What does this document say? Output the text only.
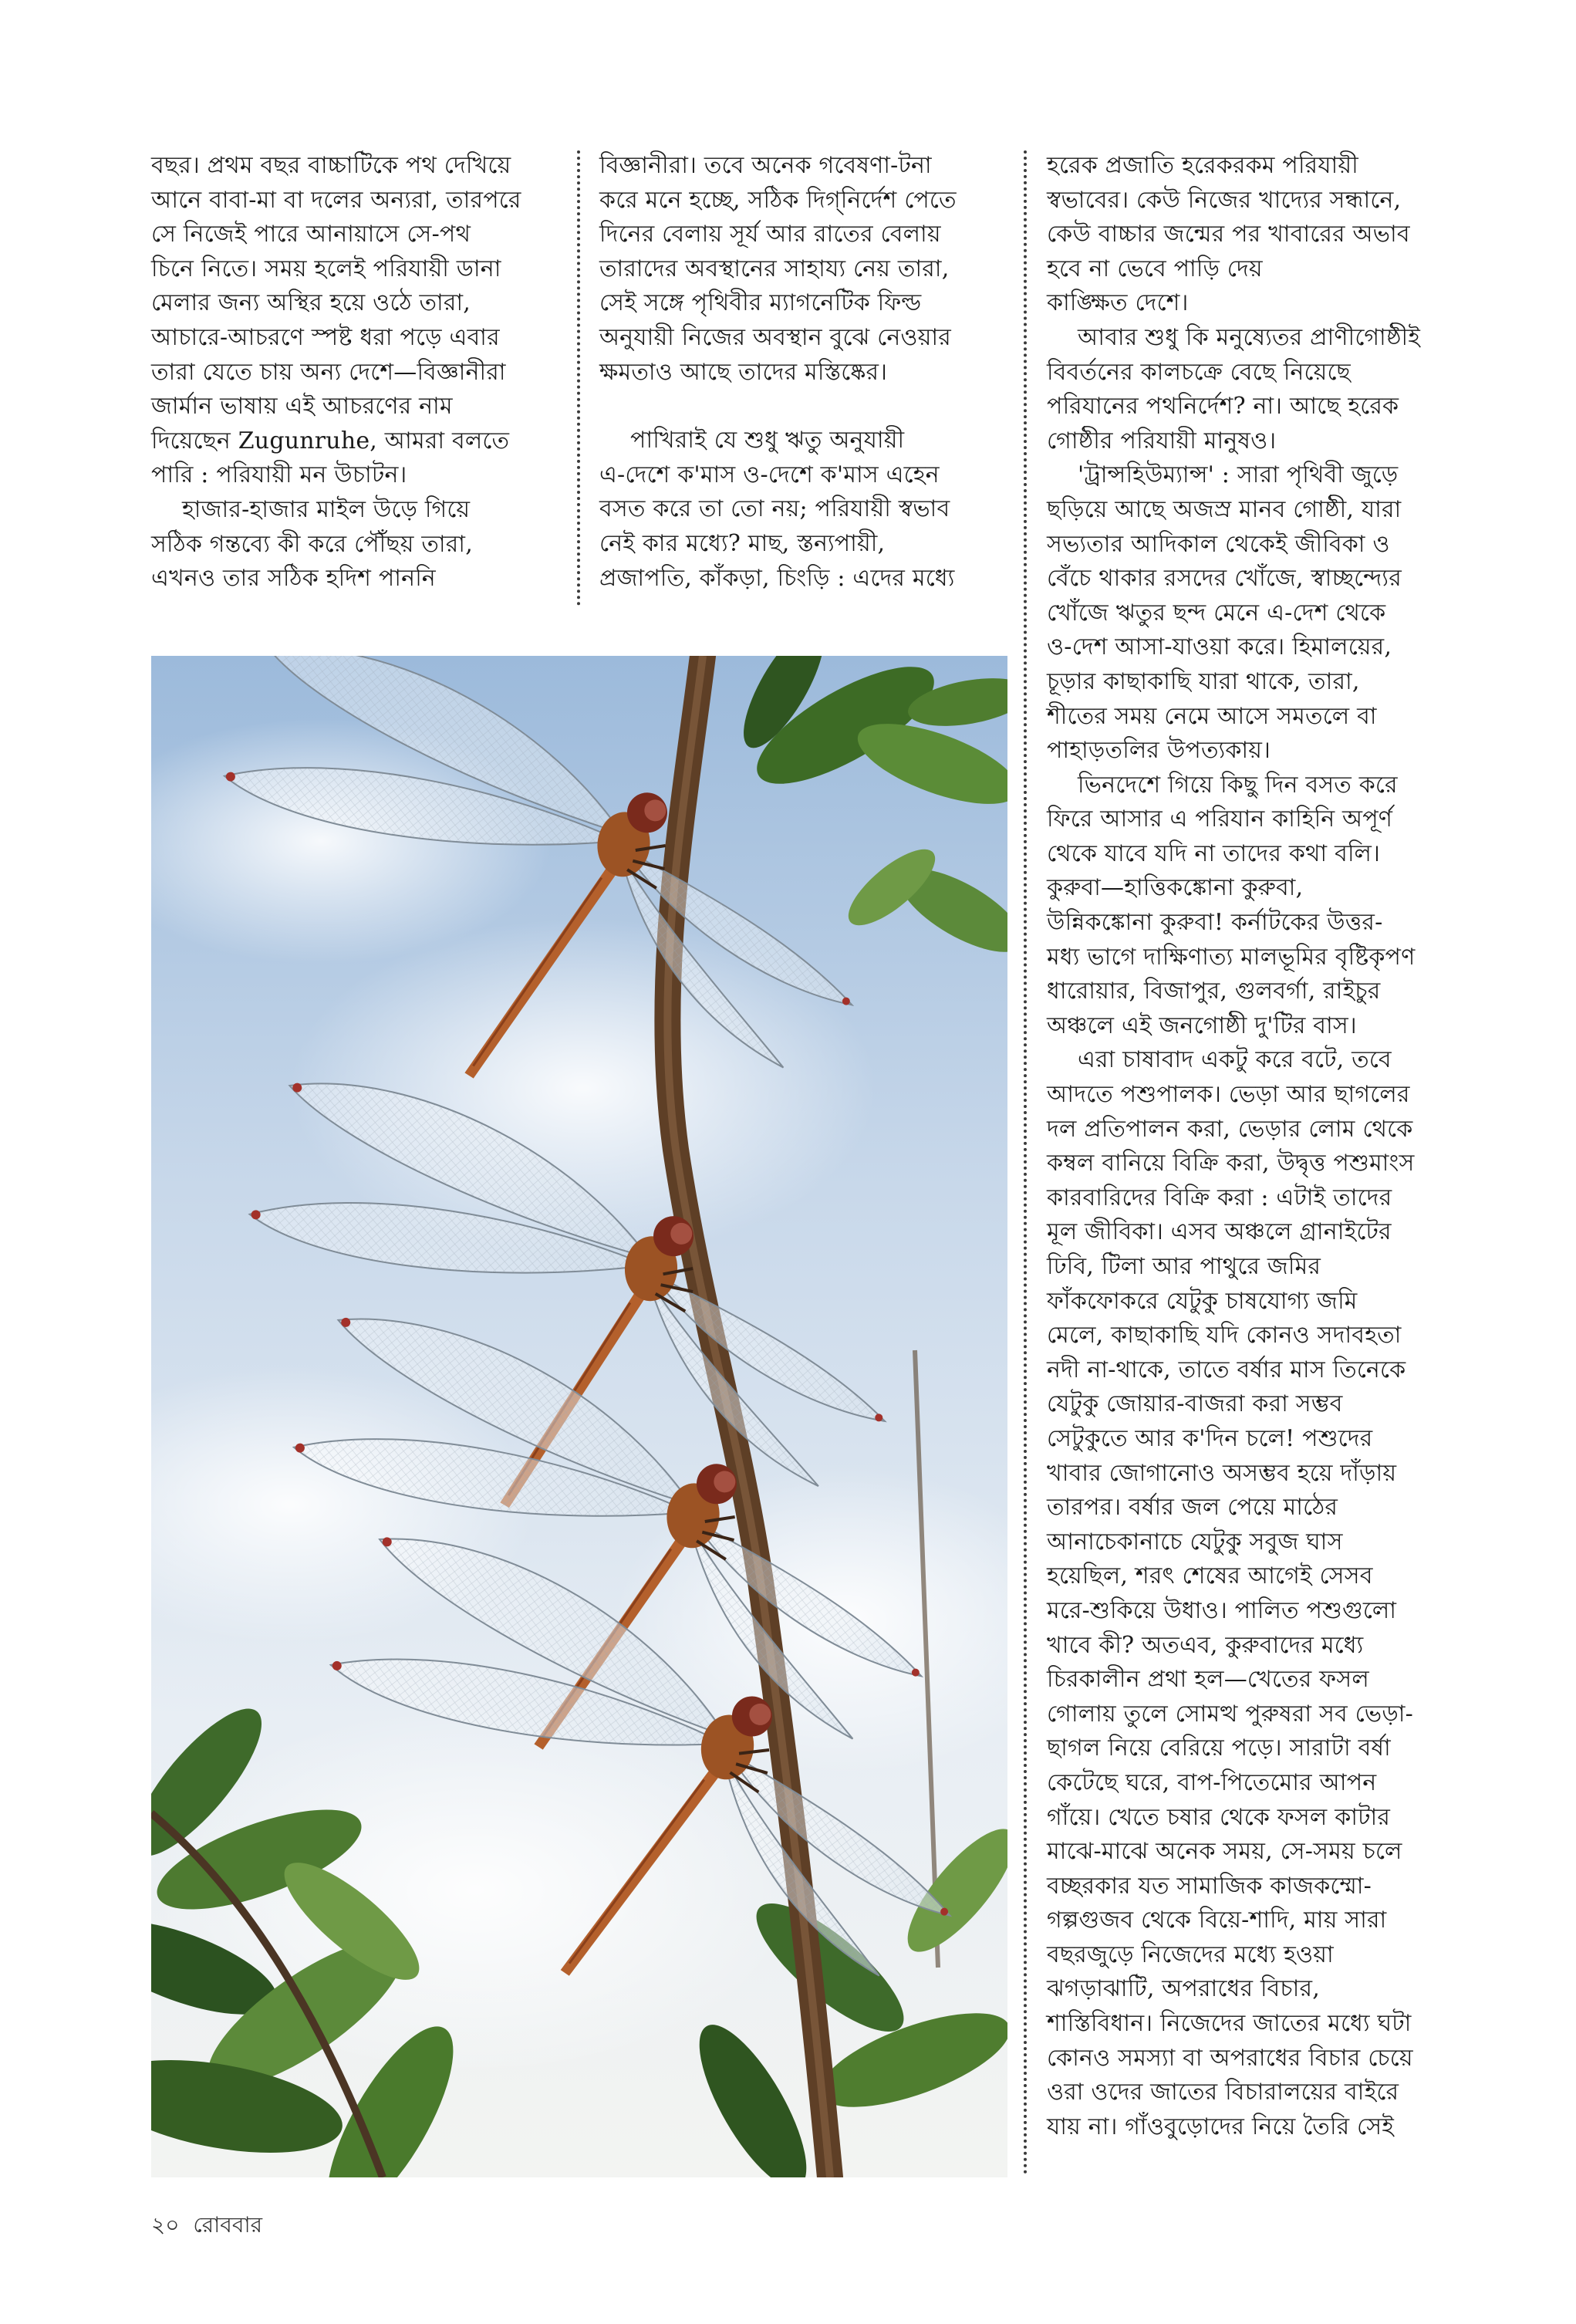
বছর। প্রথম বছর বাচ্চাটিকে পথ দেখিয়ে

আনে বাবা-মা বা দলের অন্যরা, তারপরে

সে নিজেই পারে আনায়াসে সে-পথ

চিনে নিতে। সময় হলেই পরিযায়ী ডানা

মেলার জন্য অস্থির হয়ে ওঠে তারা,

আচারে-আচরণে স্পষ্ট ধরা পড়ে এবার

তারা যেতে চায় অন্য দেশে—বিজ্ঞানীরা

জার্মান ভাষায় এই আচরণের নাম

দিয়েছেন Zugunruhe, আমরা বলতে

পারি : পরিযায়ী মন উচাটন।

হাজার-হাজার মাইল উড়ে গিয়ে

সঠিক গন্তব্যে কী করে পৌঁছয় তারা,

এখনও তার সঠিক হদিশ পাননি

বিজ্ঞানীরা। তবে অনেক গবেষণা-টনা

করে মনে হচ্ছে, সঠিক দিগ্‌নির্দেশ পেতে

দিনের বেলায় সূর্য আর রাতের বেলায়

তারাদের অবস্থানের সাহায্য নেয় তারা,

সেই সঙ্গে পৃথিবীর ম্যাগনেটিক ফিল্ড

অনুযায়ী নিজের অবস্থান বুঝে নেওয়ার

ক্ষমতাও আছে তাদের মস্তিষ্কের।

পাখিরাই যে শুধু ঋতু অনুযায়ী

এ-দেশে ক'মাস ও-দেশে ক'মাস এহেন

বসত করে তা তো নয়; পরিযায়ী স্বভাব

নেই কার মধ্যে? মাছ, স্তন্যপায়ী,

প্রজাপতি, কাঁকড়া, চিংড়ি : এদের মধ্যে

হরেক প্রজাতি হরেকরকম পরিযায়ী

স্বভাবের। কেউ নিজের খাদ্যের সন্ধানে,

কেউ বাচ্চার জন্মের পর খাবারের অভাব

হবে না ভেবে পাড়ি দেয়

কাঙ্ক্ষিত দেশে।

আবার শুধু কি মনুষ্যেতর প্রাণীগোষ্ঠীই

বিবর্তনের কালচক্রে বেছে নিয়েছে

পরিযানের পথনির্দেশ? না। আছে হরেক

গোষ্ঠীর পরিযায়ী মানুষও।

'ট্রান্সহিউম্যান্স' : সারা পৃথিবী জুড়ে

ছড়িয়ে আছে অজস্র মানব গোষ্ঠী, যারা

সভ্যতার আদিকাল থেকেই জীবিকা ও

বেঁচে থাকার রসদের খোঁজে, স্বাচ্ছন্দ্যের

খোঁজে ঋতুর ছন্দ মেনে এ-দেশ থেকে

ও-দেশ আসা-যাওয়া করে। হিমালয়ের,

চূড়ার কাছাকাছি যারা থাকে, তারা,

শীতের সময় নেমে আসে সমতলে বা

পাহাড়তলির উপত্যকায়।

ভিনদেশে গিয়ে কিছু দিন বসত করে

ফিরে আসার এ পরিযান কাহিনি অপূর্ণ

থেকে যাবে যদি না তাদের কথা বলি।

কুরুবা—হাত্তিকঙ্কোনা কুরুবা,

উন্নিকঙ্কোনা কুরুবা! কর্নাটকের উত্তর-

মধ্য ভাগে দাক্ষিণাত্য মালভূমির বৃষ্টিকৃপণ

ধারোয়ার, বিজাপুর, গুলবর্গা, রাইচুর

অঞ্চলে এই জনগোষ্ঠী দু'টির বাস।

এরা চাষাবাদ একটু করে বটে, তবে

আদতে পশুপালক। ভেড়া আর ছাগলের

দল প্রতিপালন করা, ভেড়ার লোম থেকে

কম্বল বানিয়ে বিক্রি করা, উদ্বৃত্ত পশুমাংস

কারবারিদের বিক্রি করা : এটাই তাদের

মূল জীবিকা। এসব অঞ্চলে গ্রানাইটের

ঢিবি, টিলা আর পাথুরে জমির

ফাঁকফোকরে যেটুকু চাষযোগ্য জমি

মেলে, কাছাকাছি যদি কোনও সদাবহতা

নদী না-থাকে, তাতে বর্ষার মাস তিনেকে

যেটুকু জোয়ার-বাজরা করা সম্ভব

সেটুকুতে আর ক'দিন চলে! পশুদের

খাবার জোগানোও অসম্ভব হয়ে দাঁড়ায়

তারপর। বর্ষার জল পেয়ে মাঠের

আনাচেকানাচে যেটুকু সবুজ ঘাস

হয়েছিল, শরৎ শেষের আগেই সেসব

মরে-শুকিয়ে উধাও। পালিত পশুগুলো

খাবে কী? অতএব, কুরুবাদের মধ্যে

চিরকালীন প্রথা হল—খেতের ফসল

গোলায় তুলে সোমত্থ পুরুষরা সব ভেড়া-

ছাগল নিয়ে বেরিয়ে পড়ে। সারাটা বর্ষা

কেটেছে ঘরে, বাপ-পিতেমোর আপন

গাঁয়ে। খেতে চষার থেকে ফসল কাটার

মাঝে-মাঝে অনেক সময়, সে-সময় চলে

বচ্ছরকার যত সামাজিক কাজকম্মো-

গল্পগুজব থেকে বিয়ে-শাদি, মায় সারা

বছরজুড়ে নিজেদের মধ্যে হওয়া

ঝগড়াঝাটি, অপরাধের বিচার,

শাস্তিবিধান। নিজেদের জাতের মধ্যে ঘটা

কোনও সমস্যা বা অপরাধের বিচার চেয়ে

ওরা ওদের জাতের বিচারালয়ের বাইরে

যায় না। গাঁওবুড়োদের নিয়ে তৈরি সেই

২০ রোববার
